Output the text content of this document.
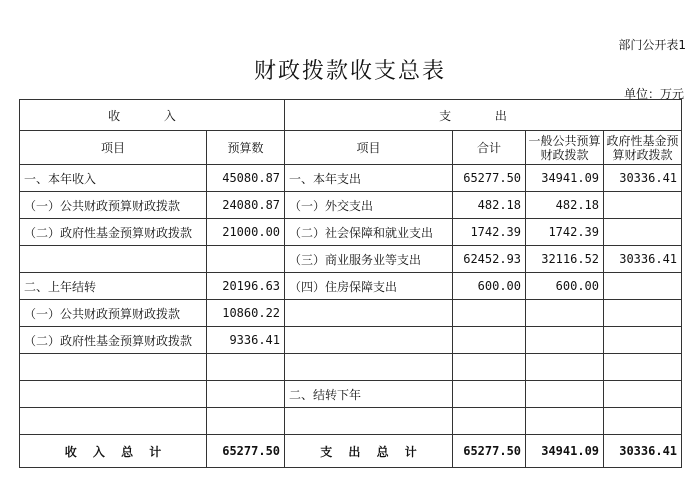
部门公开表1
财政拨款收支总表
单位：万元
收 入		支 出			
项目	预算数	项目	合计	一般公共预算财政拨款	政府性基金预算财政拨款
一、本年收入	45080.87	一、本年支出	65277.50	34941.09	30336.41
（一）公共财政预算财政拨款	24080.87	（一）外交支出	482.18	482.18	
（二）政府性基金预算财政拨款	21000.00	（二）社会保障和就业支出	1742.39	1742.39	
		（三）商业服务业等支出	62452.93	32116.52	30336.41
二、上年结转	20196.63	（四）住房保障支出	600.00	600.00	
（一）公共财政预算财政拨款	10860.22				
（二）政府性基金预算财政拨款	9336.41				

		二、结转下年			

收 入 总 计	65277.50	支 出 总 计	65277.50	34941.09	30336.41
